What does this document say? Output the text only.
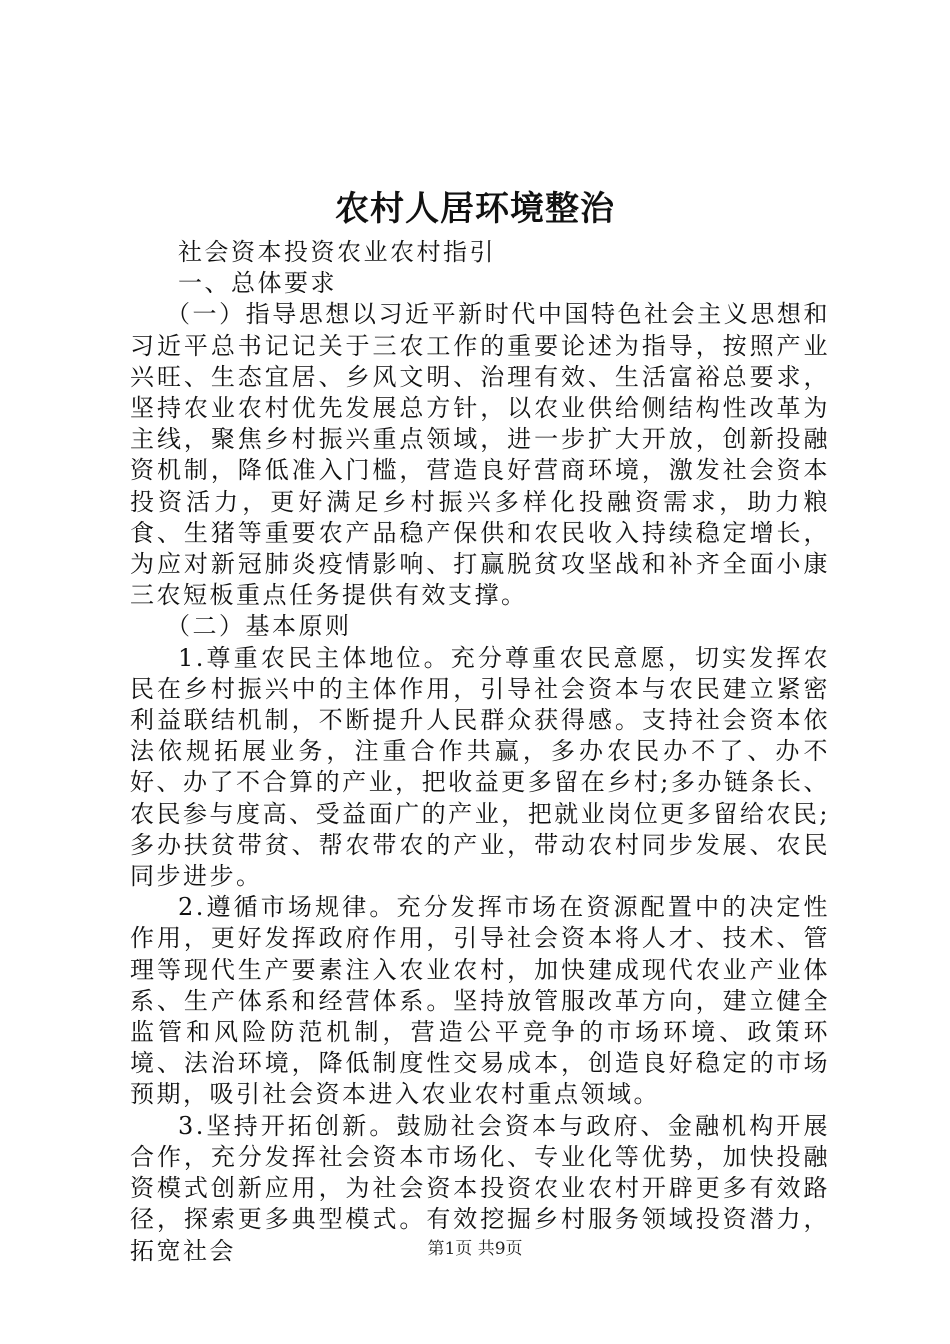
农村人居环境整治

社会资本投资农业农村指引

一、总体要求

（一）指导思想以习近平新时代中国特色社会主义思想和习近平总书记记关于三农工作的重要论述为指导，按照产业兴旺、生态宜居、乡风文明、治理有效、生活富裕总要求，坚持农业农村优先发展总方针，以农业供给侧结构性改革为主线，聚焦乡村振兴重点领域，进一步扩大开放，创新投融资机制，降低准入门槛，营造良好营商环境，激发社会资本投资活力，更好满足乡村振兴多样化投融资需求，助力粮食、生猪等重要农产品稳产保供和农民收入持续稳定增长，为应对新冠肺炎疫情影响、打赢脱贫攻坚战和补齐全面小康三农短板重点任务提供有效支撑。

（二）基本原则

1.尊重农民主体地位。充分尊重农民意愿，切实发挥农民在乡村振兴中的主体作用，引导社会资本与农民建立紧密利益联结机制，不断提升人民群众获得感。支持社会资本依法依规拓展业务，注重合作共赢，多办农民办不了、办不好、办了不合算的产业，把收益更多留在乡村;多办链条长、农民参与度高、受益面广的产业，把就业岗位更多留给农民;多办扶贫带贫、帮农带农的产业，带动农村同步发展、农民同步进步。

2.遵循市场规律。充分发挥市场在资源配置中的决定性作用，更好发挥政府作用，引导社会资本将人才、技术、管理等现代生产要素注入农业农村，加快建成现代农业产业体系、生产体系和经营体系。坚持放管服改革方向，建立健全监管和风险防范机制，营造公平竞争的市场环境、政策环境、法治环境，降低制度性交易成本，创造良好稳定的市场预期，吸引社会资本进入农业农村重点领域。

3.坚持开拓创新。鼓励社会资本与政府、金融机构开展合作，充分发挥社会资本市场化、专业化等优势，加快投融资模式创新应用，为社会资本投资农业农村开辟更多有效路径，探索更多典型模式。有效挖掘乡村服务领域投资潜力，拓宽社会	第1页 共9页
